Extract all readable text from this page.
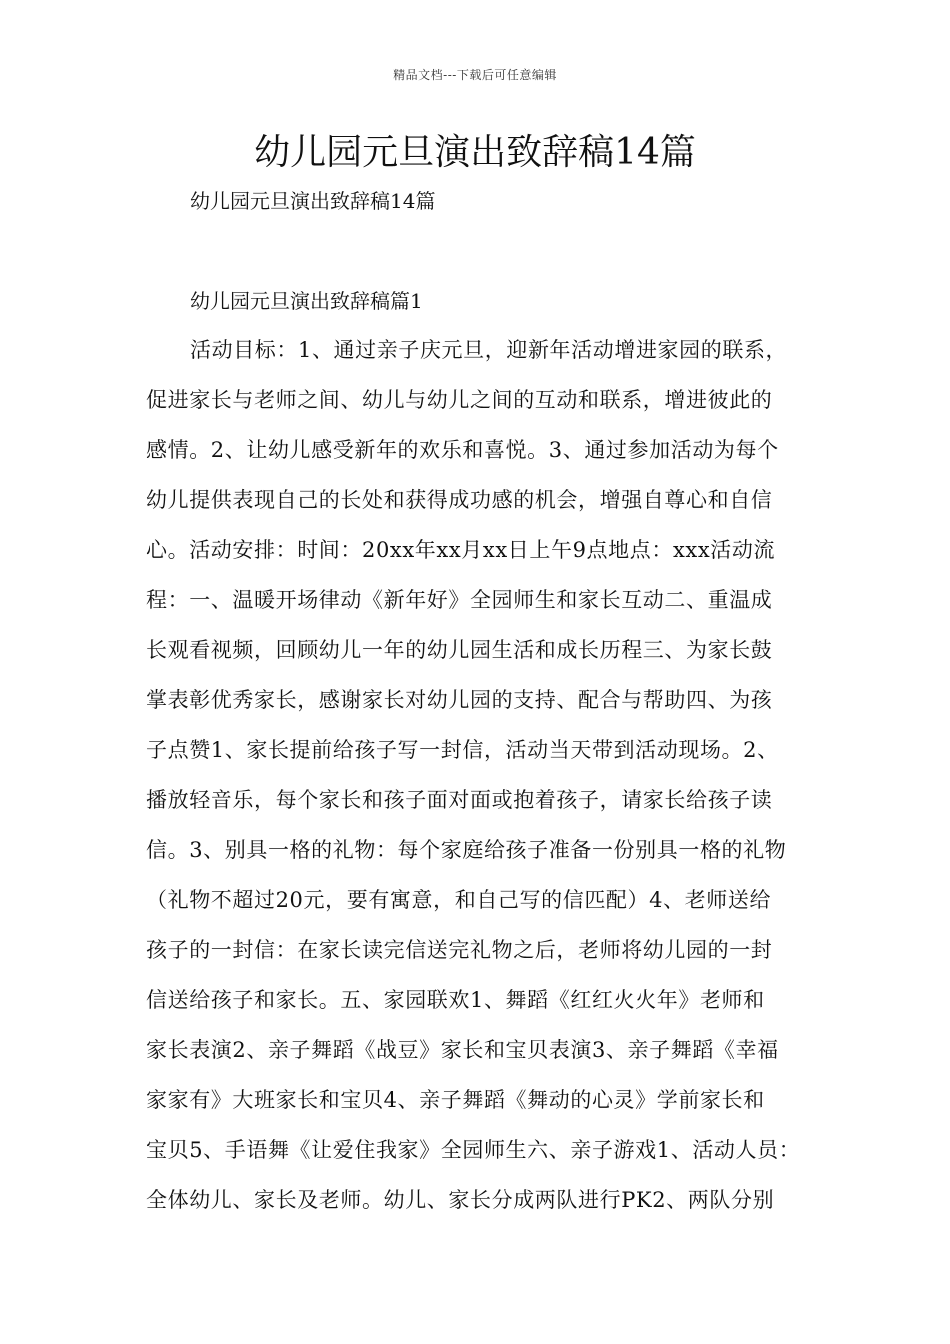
精品文档---下载后可任意编辑
幼儿园元旦演出致辞稿14篇
幼儿园元旦演出致辞稿14篇
幼儿园元旦演出致辞稿篇1
活动目标：1、通过亲子庆元旦，迎新年活动增进家园的联系，
促进家长与老师之间、幼儿与幼儿之间的互动和联系，增进彼此的
感情。2、让幼儿感受新年的欢乐和喜悦。3、通过参加活动为每个
幼儿提供表现自己的长处和获得成功感的机会，增强自尊心和自信
心。活动安排：时间：20xx年xx月xx日上午9点地点：xxx活动流
程：一、温暖开场律动《新年好》全园师生和家长互动二、重温成
长观看视频，回顾幼儿一年的幼儿园生活和成长历程三、为家长鼓
掌表彰优秀家长，感谢家长对幼儿园的支持、配合与帮助四、为孩
子点赞1、家长提前给孩子写一封信，活动当天带到活动现场。2、
播放轻音乐，每个家长和孩子面对面或抱着孩子，请家长给孩子读
信。3、别具一格的礼物：每个家庭给孩子准备一份别具一格的礼物
（礼物不超过20元，要有寓意，和自己写的信匹配）4、老师送给
孩子的一封信：在家长读完信送完礼物之后，老师将幼儿园的一封
信送给孩子和家长。五、家园联欢1、舞蹈《红红火火年》老师和
家长表演2、亲子舞蹈《战豆》家长和宝贝表演3、亲子舞蹈《幸福
家家有》大班家长和宝贝4、亲子舞蹈《舞动的心灵》学前家长和
宝贝5、手语舞《让爱住我家》全园师生六、亲子游戏1、活动人员：
全体幼儿、家长及老师。幼儿、家长分成两队进行PK2、两队分别
